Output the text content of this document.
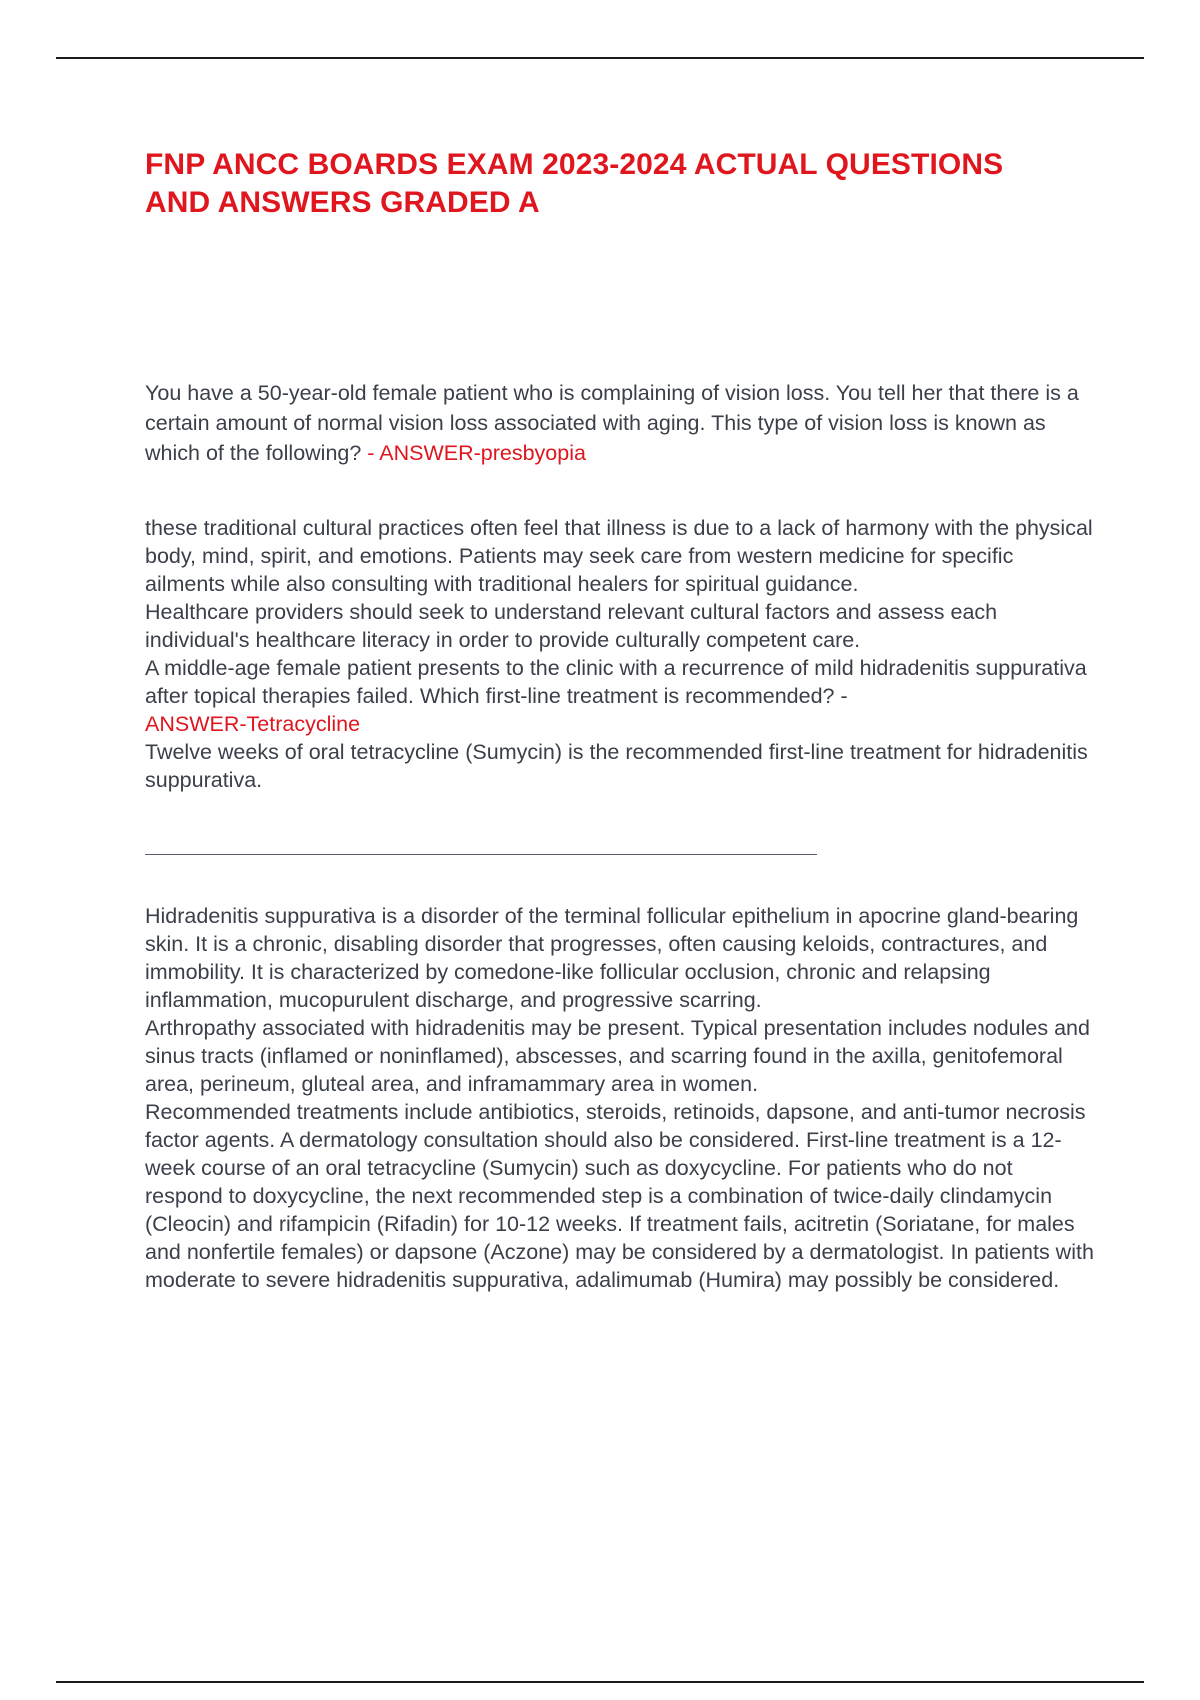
FNP ANCC BOARDS EXAM 2023-2024 ACTUAL QUESTIONS
AND ANSWERS GRADED A

You have a 50-year-old female patient who is complaining of vision loss. You tell her that there is a certain amount of normal vision loss associated with aging. This type of vision loss is known as which of the following? - ANSWER-presbyopia

these traditional cultural practices often feel that illness is due to a lack of harmony with the physical body, mind, spirit, and emotions. Patients may seek care from western medicine for specific ailments while also consulting with traditional healers for spiritual guidance.

Healthcare providers should seek to understand relevant cultural factors and assess each individual's healthcare literacy in order to provide culturally competent care.

A middle-age female patient presents to the clinic with a recurrence of mild hidradenitis suppurativa after topical therapies failed. Which first-line treatment is recommended? -
ANSWER-Tetracycline

Twelve weeks of oral tetracycline (Sumycin) is the recommended first-line treatment for hidradenitis suppurativa.

Hidradenitis suppurativa is a disorder of the terminal follicular epithelium in apocrine gland-bearing skin. It is a chronic, disabling disorder that progresses, often causing keloids, contractures, and immobility. It is characterized by comedone-like follicular occlusion, chronic and relapsing inflammation, mucopurulent discharge, and progressive scarring.

Arthropathy associated with hidradenitis may be present. Typical presentation includes nodules and sinus tracts (inflamed or noninflamed), abscesses, and scarring found in the axilla, genitofemoral area, perineum, gluteal area, and inframammary area in women.

Recommended treatments include antibiotics, steroids, retinoids, dapsone, and anti-tumor necrosis factor agents. A dermatology consultation should also be considered. First-line treatment is a 12-week course of an oral tetracycline (Sumycin) such as doxycycline. For patients who do not respond to doxycycline, the next recommended step is a combination of twice-daily clindamycin (Cleocin) and rifampicin (Rifadin) for 10-12 weeks. If treatment fails, acitretin (Soriatane, for males and nonfertile females) or dapsone (Aczone) may be considered by a dermatologist. In patients with moderate to severe hidradenitis suppurativa, adalimumab (Humira) may possibly be considered.
